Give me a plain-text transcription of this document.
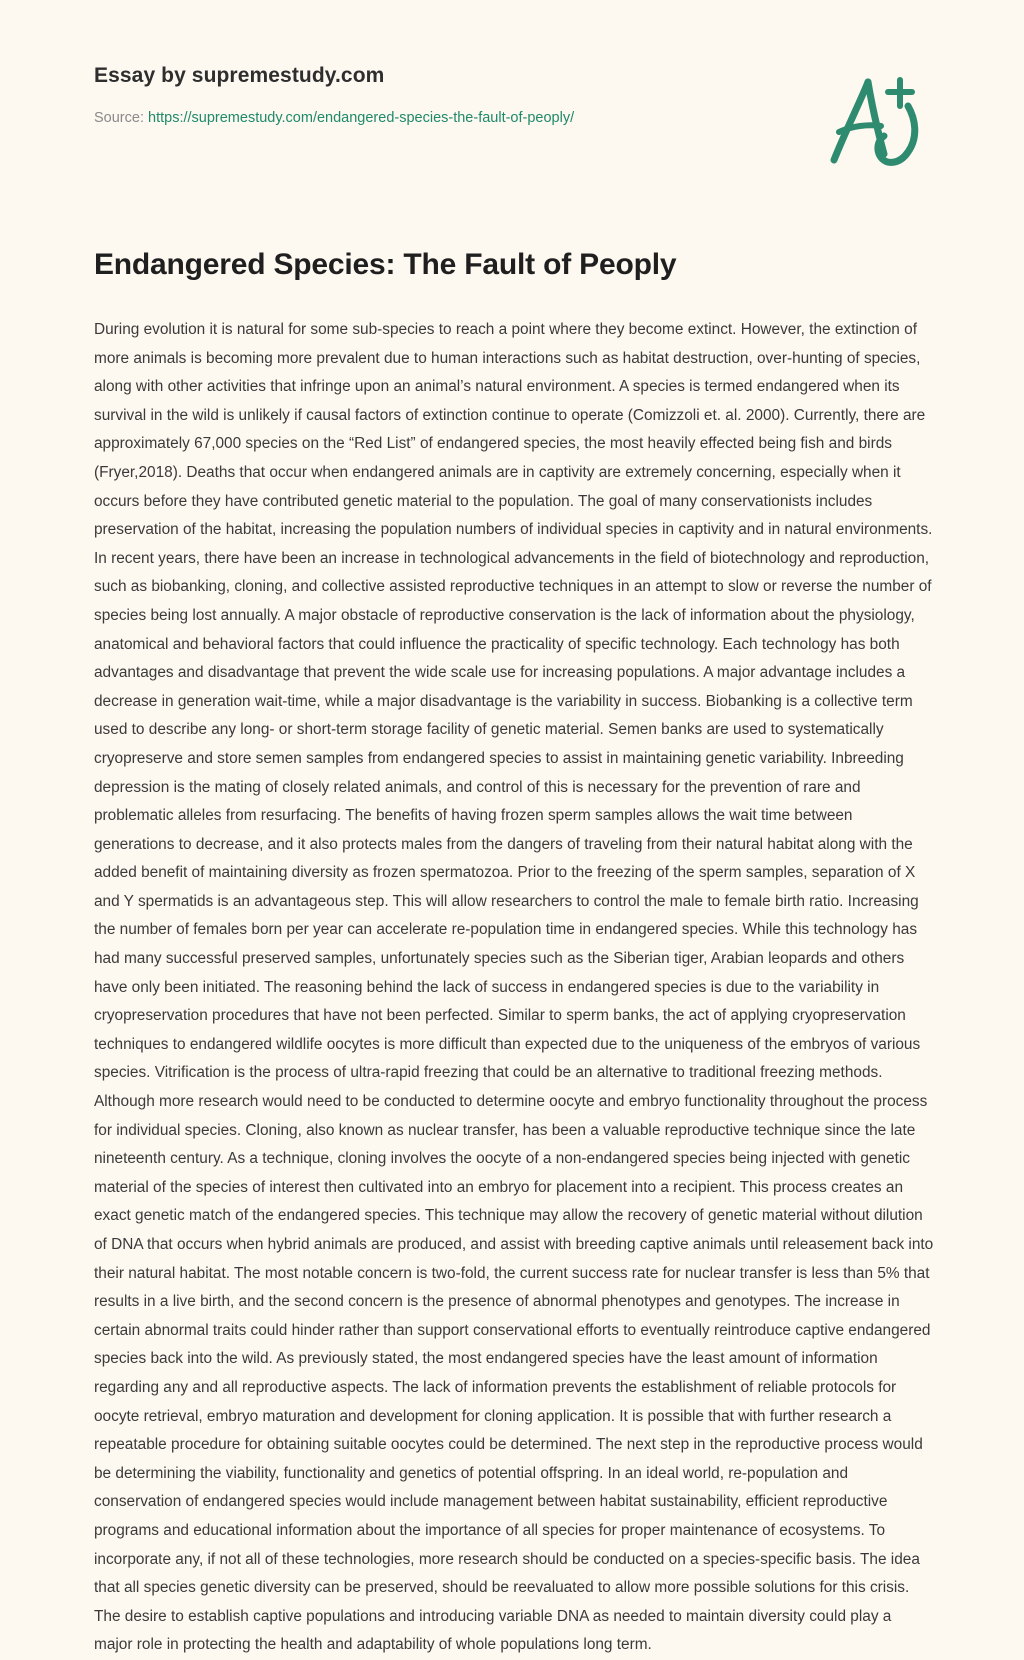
Essay by supremestudy.com
Source: https://supremestudy.com/endangered-species-the-fault-of-peoply/
Endangered Species: The Fault of Peoply

During evolution it is natural for some sub-species to reach a point where they become extinct. However, the extinction of more animals is becoming more prevalent due to human interactions such as habitat destruction, over-hunting of species, along with other activities that infringe upon an animal’s natural environment. A species is termed endangered when its survival in the wild is unlikely if causal factors of extinction continue to operate (Comizzoli et. al. 2000). Currently, there are approximately 67,000 species on the “Red List” of endangered species, the most heavily effected being fish and birds (Fryer,2018). Deaths that occur when endangered animals are in captivity are extremely concerning, especially when it occurs before they have contributed genetic material to the population. The goal of many conservationists includes preservation of the habitat, increasing the population numbers of individual species in captivity and in natural environments. In recent years, there have been an increase in technological advancements in the field of biotechnology and reproduction, such as biobanking, cloning, and collective assisted reproductive techniques in an attempt to slow or reverse the number of species being lost annually. A major obstacle of reproductive conservation is the lack of information about the physiology, anatomical and behavioral factors that could influence the practicality of specific technology. Each technology has both advantages and disadvantage that prevent the wide scale use for increasing populations. A major advantage includes a decrease in generation wait-time, while a major disadvantage is the variability in success. Biobanking is a collective term used to describe any long- or short-term storage facility of genetic material. Semen banks are used to systematically cryopreserve and store semen samples from endangered species to assist in maintaining genetic variability. Inbreeding depression is the mating of closely related animals, and control of this is necessary for the prevention of rare and problematic alleles from resurfacing. The benefits of having frozen sperm samples allows the wait time between generations to decrease, and it also protects males from the dangers of traveling from their natural habitat along with the added benefit of maintaining diversity as frozen spermatozoa. Prior to the freezing of the sperm samples, separation of X and Y spermatids is an advantageous step. This will allow researchers to control the male to female birth ratio. Increasing the number of females born per year can accelerate re-population time in endangered species. While this technology has had many successful preserved samples, unfortunately species such as the Siberian tiger, Arabian leopards and others have only been initiated. The reasoning behind the lack of success in endangered species is due to the variability in cryopreservation procedures that have not been perfected. Similar to sperm banks, the act of applying cryopreservation techniques to endangered wildlife oocytes is more difficult than expected due to the uniqueness of the embryos of various species. Vitrification is the process of ultra-rapid freezing that could be an alternative to traditional freezing methods. Although more research would need to be conducted to determine oocyte and embryo functionality throughout the process for individual species. Cloning, also known as nuclear transfer, has been a valuable reproductive technique since the late nineteenth century. As a technique, cloning involves the oocyte of a non-endangered species being injected with genetic material of the species of interest then cultivated into an embryo for placement into a recipient. This process creates an exact genetic match of the endangered species. This technique may allow the recovery of genetic material without dilution of DNA that occurs when hybrid animals are produced, and assist with breeding captive animals until releasement back into their natural habitat. The most notable concern is two-fold, the current success rate for nuclear transfer is less than 5% that results in a live birth, and the second concern is the presence of abnormal phenotypes and genotypes. The increase in certain abnormal traits could hinder rather than support conservational efforts to eventually reintroduce captive endangered species back into the wild. As previously stated, the most endangered species have the least amount of information regarding any and all reproductive aspects. The lack of information prevents the establishment of reliable protocols for oocyte retrieval, embryo maturation and development for cloning application. It is possible that with further research a repeatable procedure for obtaining suitable oocytes could be determined. The next step in the reproductive process would be determining the viability, functionality and genetics of potential offspring. In an ideal world, re-population and conservation of endangered species would include management between habitat sustainability, efficient reproductive programs and educational information about the importance of all species for proper maintenance of ecosystems. To incorporate any, if not all of these technologies, more research should be conducted on a species-specific basis. The idea that all species genetic diversity can be preserved, should be reevaluated to allow more possible solutions for this crisis. The desire to establish captive populations and introducing variable DNA as needed to maintain diversity could play a major role in protecting the health and adaptability of whole populations long term.
